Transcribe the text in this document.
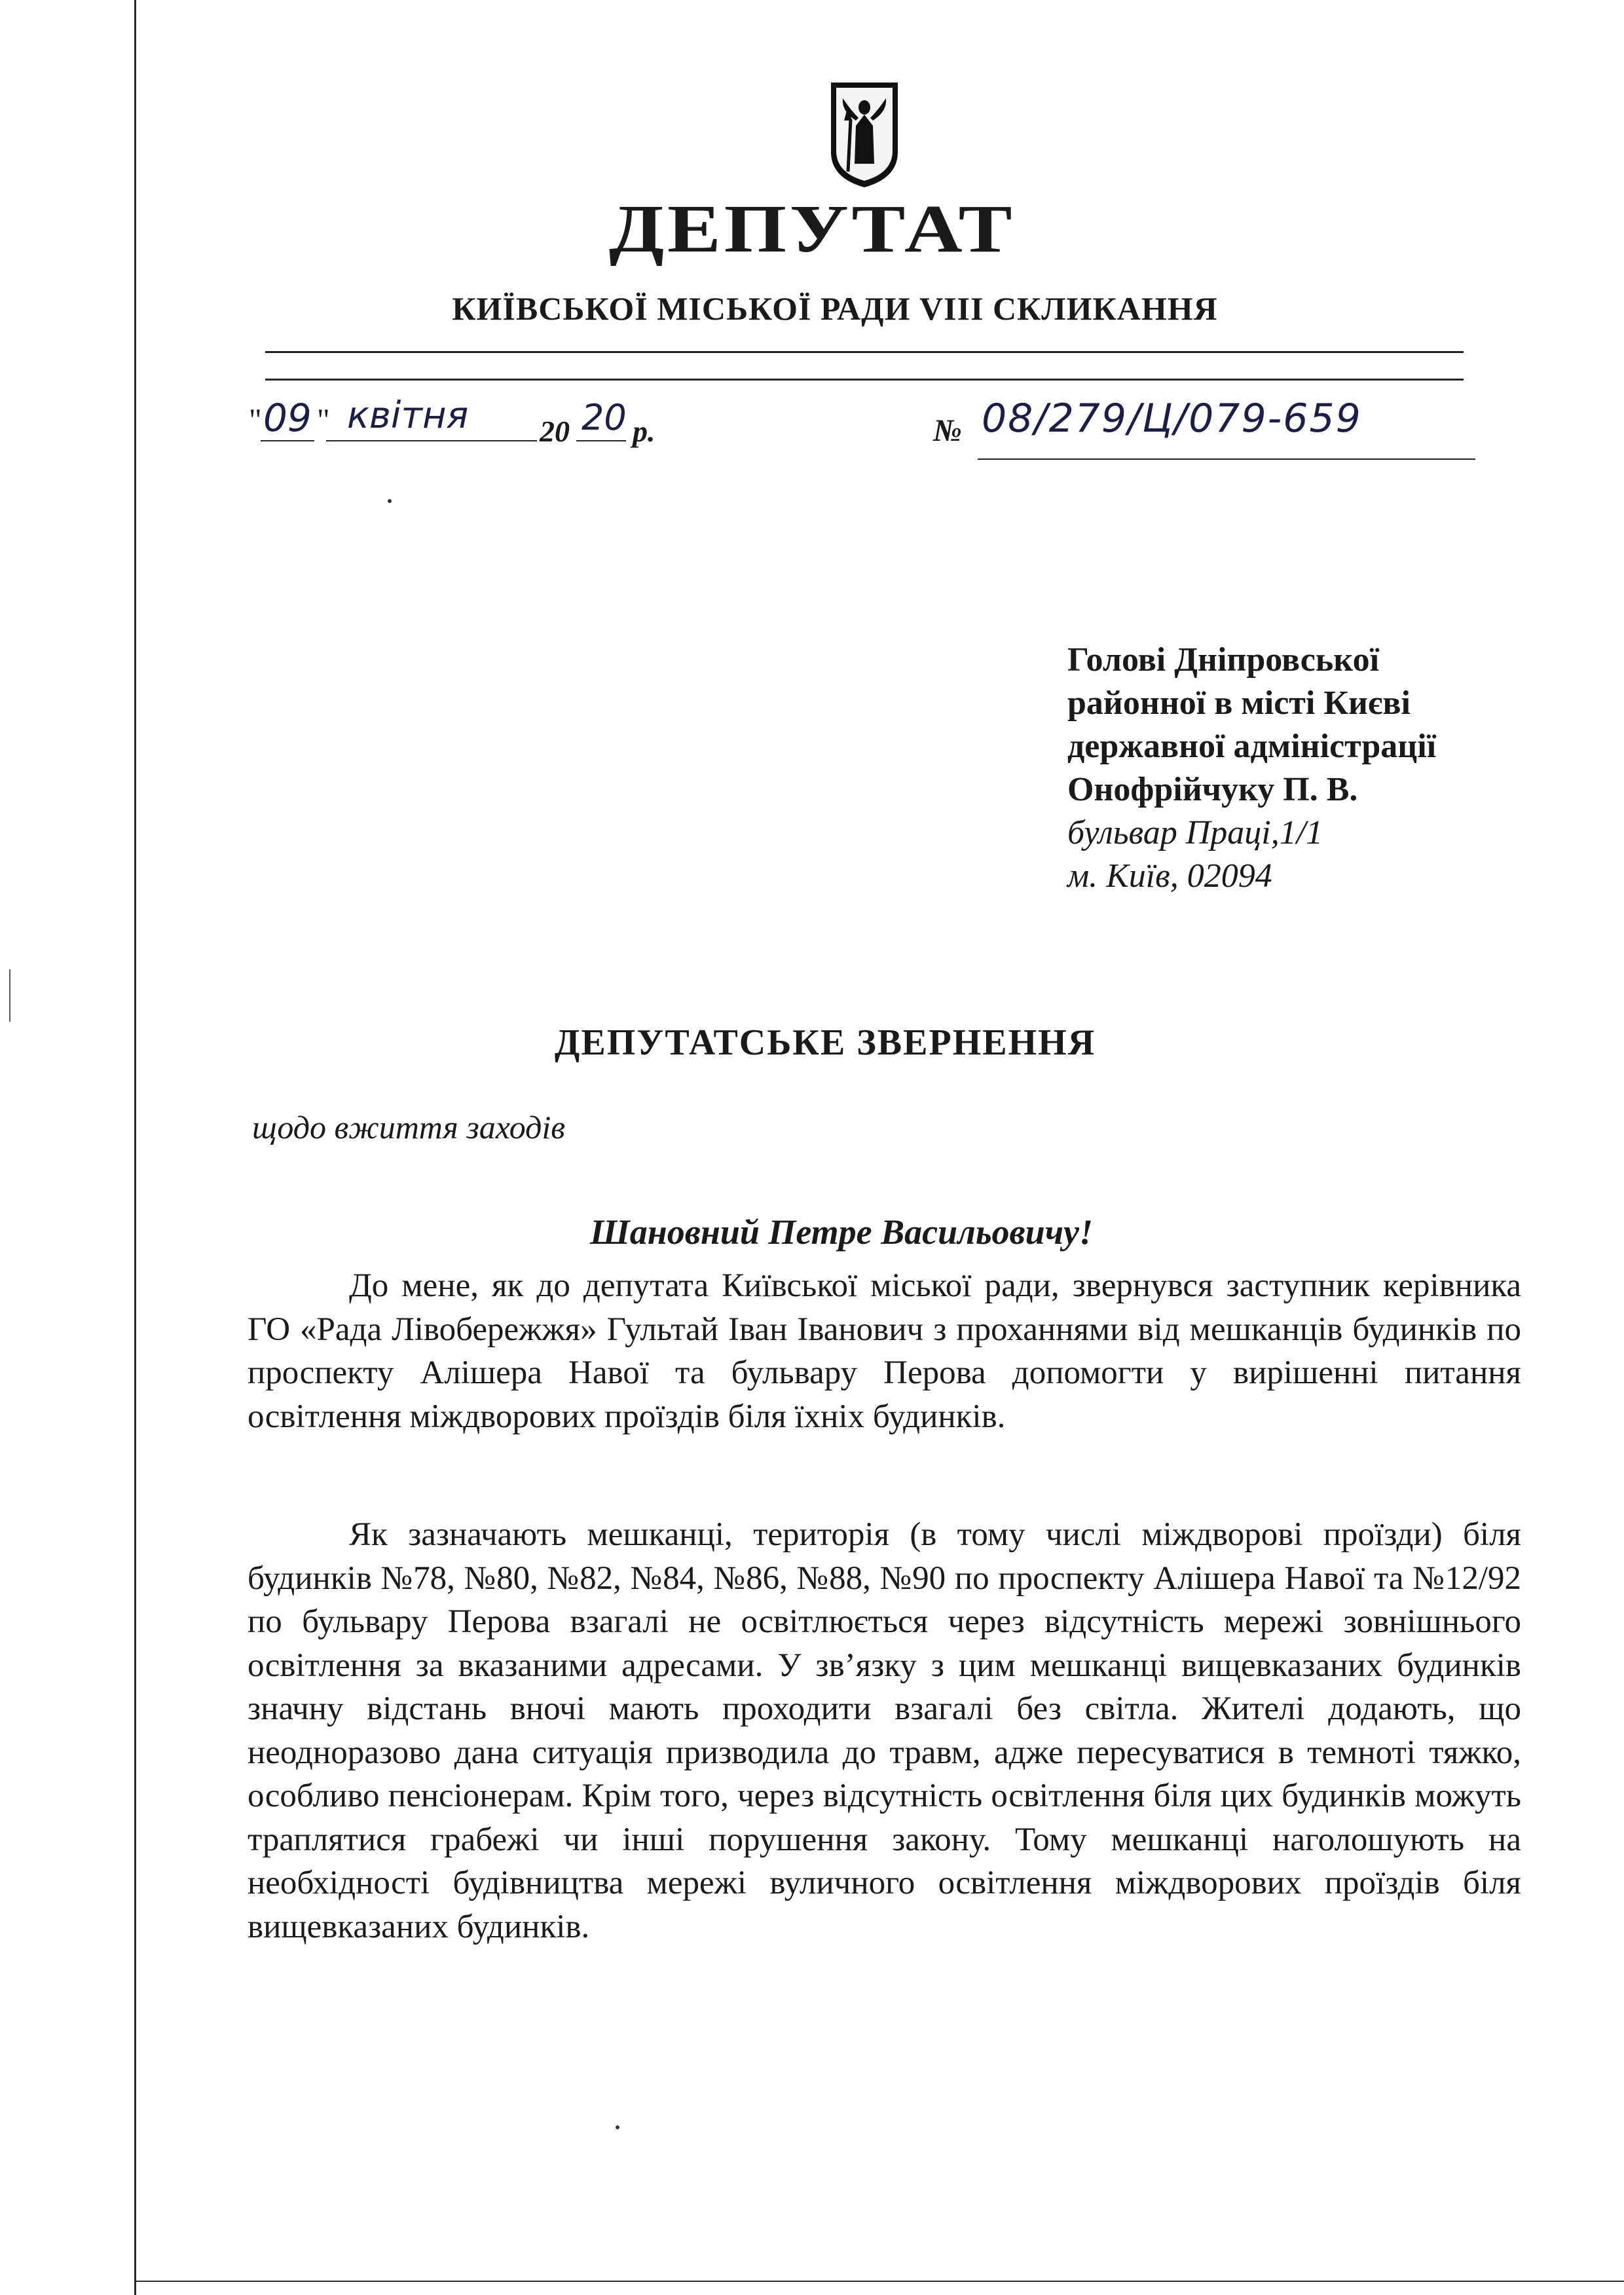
ДЕПУТАТ
КИЇВСЬКОЇ МІСЬКОЇ РАДИ VIII СКЛИКАННЯ
" 09 " квітня 20 20 р.	№ 08/279/Ц/079-659
Голові Дніпровської
районної в місті Києві
державної адміністрації
Онофрійчуку П. В.
бульвар Праці,1/1
м. Київ, 02094
ДЕПУТАТСЬКЕ ЗВЕРНЕННЯ
щодо вжиття заходів
Шановний Петре Васильовичу!

До мене, як до депутата Київської міської ради, звернувся заступник керівника ГО «Рада Лівобережжя» Гультай Іван Іванович з проханнями від мешканців будинків по проспекту Алішера Навої та бульвару Перова допомогти у вирішенні питання освітлення міждворових проїздів біля їхніх будинків.

Як зазначають мешканці, територія (в тому числі міждворові проїзди) біля будинків №78, №80, №82, №84, №86, №88, №90 по проспекту Алішера Навої та №12/92 по бульвару Перова взагалі не освітлюється через відсутність мережі зовнішнього освітлення за вказаними адресами. У зв’язку з цим мешканці вищевказаних будинків значну відстань вночі мають проходити взагалі без світла. Жителі додають, що неодноразово дана ситуація призводила до травм, адже пересуватися в темноті тяжко, особливо пенсіонерам. Крім того, через відсутність освітлення біля цих будинків можуть траплятися грабежі чи інші порушення закону. Тому мешканці наголошують на необхідності будівництва мережі вуличного освітлення міждворових проїздів біля вищевказаних будинків.
